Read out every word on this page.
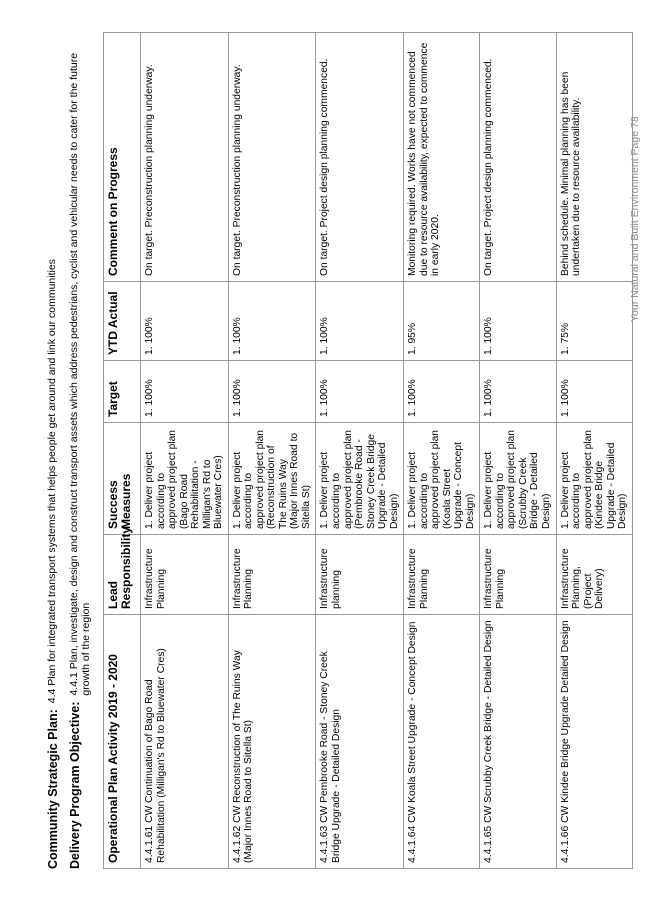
Community Strategic Plan:
4.4 Plan for integrated transport systems that helps people get around and link our communities
Delivery Program Objective:
4.4.1 Plan, investigate, design and construct transport assets which address pedestrians, cyclist and vehicular needs to cater for the future growth of the region
Operational Plan Activity 2019 - 2020	Lead Responsibility	Success Measures	Target	YTD Actual	Comment on Progress
4.4.1.61 CW Continuation of Bago Road Rehabilitation (Milligan's Rd to Bluewater Cres)	Infrastructure Planning	1. Deliver project according to approved project plan (Bago Road Rehabilitation - Milligan's Rd to Bluewater Cres)	1. 100%	1. 100%	On target. Preconstruction planning underway.
4.4.1.62 CW Reconstruction of The Ruins Way (Major Innes Road to Sitella St)	Infrastructure Planning	1. Deliver project according to approved project plan (Reconstruction of The Ruins Way (Major Innes Road to Sitella St)	1. 100%	1. 100%	On target. Preconstruction planning underway.
4.4.1.63 CW Pembrooke Road - Stoney Creek Bridge Upgrade - Detailed Design	Infrastructure planning	1. Deliver project according to approved project plan (Pembrooke Road - Stoney Creek Bridge Upgrade - Detailed Design)	1. 100%	1. 100%	On target. Project design planning commenced.
4.4.1.64 CW Koala Street Upgrade - Concept Design	Infrastructure Planning	1. Deliver project according to approved project plan (Koala Street Upgrade - Concept Design)	1. 100%	1. 95%	Monitoring required. Works have not commenced due to resource availability, expected to commence in early 2020.
4.4.1.65 CW Scrubby Creek Bridge - Detailed Design	Infrastructure Planning	1. Deliver project according to approved project plan (Scrubby Creek Bridge - Detailed Design)	1. 100%	1. 100%	On target. Project design planning commenced.
4.4.1.66 CW Kindee Bridge Upgrade Detailed Design	Infrastructure Planning, (Project Delivery)	1. Deliver project according to approved project plan (Kindee Bridge Upgrade - Detailed Design)	1. 100%	1. 75%	Behind schedule. Minimal planning has been undertaken due to resource availability.	Your Natural and Built Environment Page 78
